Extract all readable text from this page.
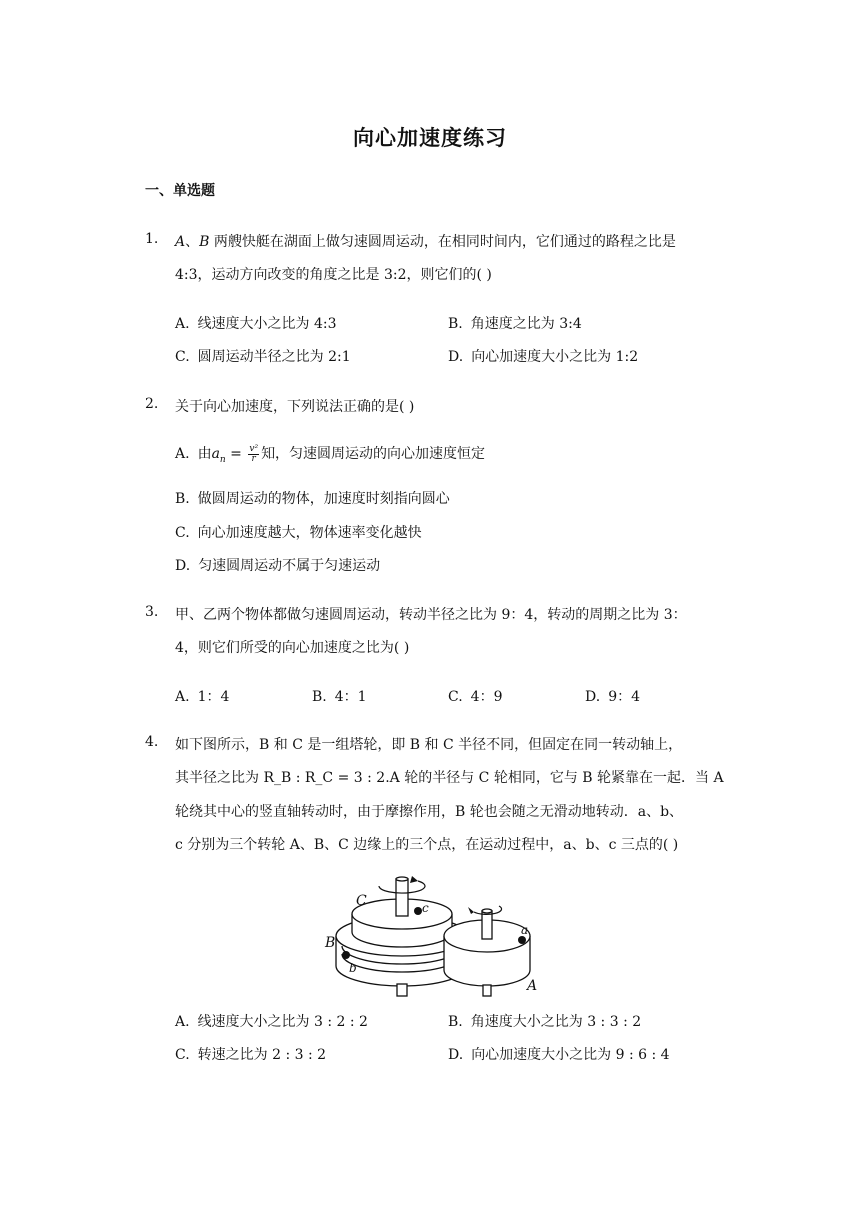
向心加速度练习
一、单选题
1. A、B 两艘快艇在湖面上做匀速圆周运动，在相同时间内，它们通过的路程之比是
4:3，运动方向改变的角度之比是 3:2，则它们的( )
A. 线速度大小之比为 4:3	B. 角速度之比为 3:4
C. 圆周运动半径之比为 2:1	D. 向心加速度大小之比为 1:2
2. 关于向心加速度，下列说法正确的是( )
A. 由$a_n = \frac{\text{v²}}{r}$ 知，匀速圆周运动的向心加速度恒定
B. 做圆周运动的物体，加速度时刻指向圆心
C. 向心加速度越大，物体速率变化越快
D. 匀速圆周运动不属于匀速运动
3. 甲、乙两个物体都做匀速圆周运动，转动半径之比为 9：4，转动的周期之比为 3：
4，则它们所受的向心加速度之比为( )
A. 1：4	B. 4：1	C. 4：9	D. 9：4
4. 如下图所示，B 和 C 是一组塔轮，即 B 和 C 半径不同，但固定在同一转动轴上，
其半径之比为 R_B : R_C = 3 : 2.A 轮的半径与 C 轮相同，它与 B 轮紧靠在一起．当 A
轮绕其中心的竖直轴转动时，由于摩擦作用，B 轮也会随之无滑动地转动．a、b、
c 分别为三个转轮 A、B、C 边缘上的三个点，在运动过程中，a、b、c 三点的( )
C	c
B
b
a
A
A. 线速度大小之比为 3 : 2 : 2	B. 角速度大小之比为 3 : 3 : 2
C. 转速之比为 2 : 3 : 2	D. 向心加速度大小之比为 9 : 6 : 4
